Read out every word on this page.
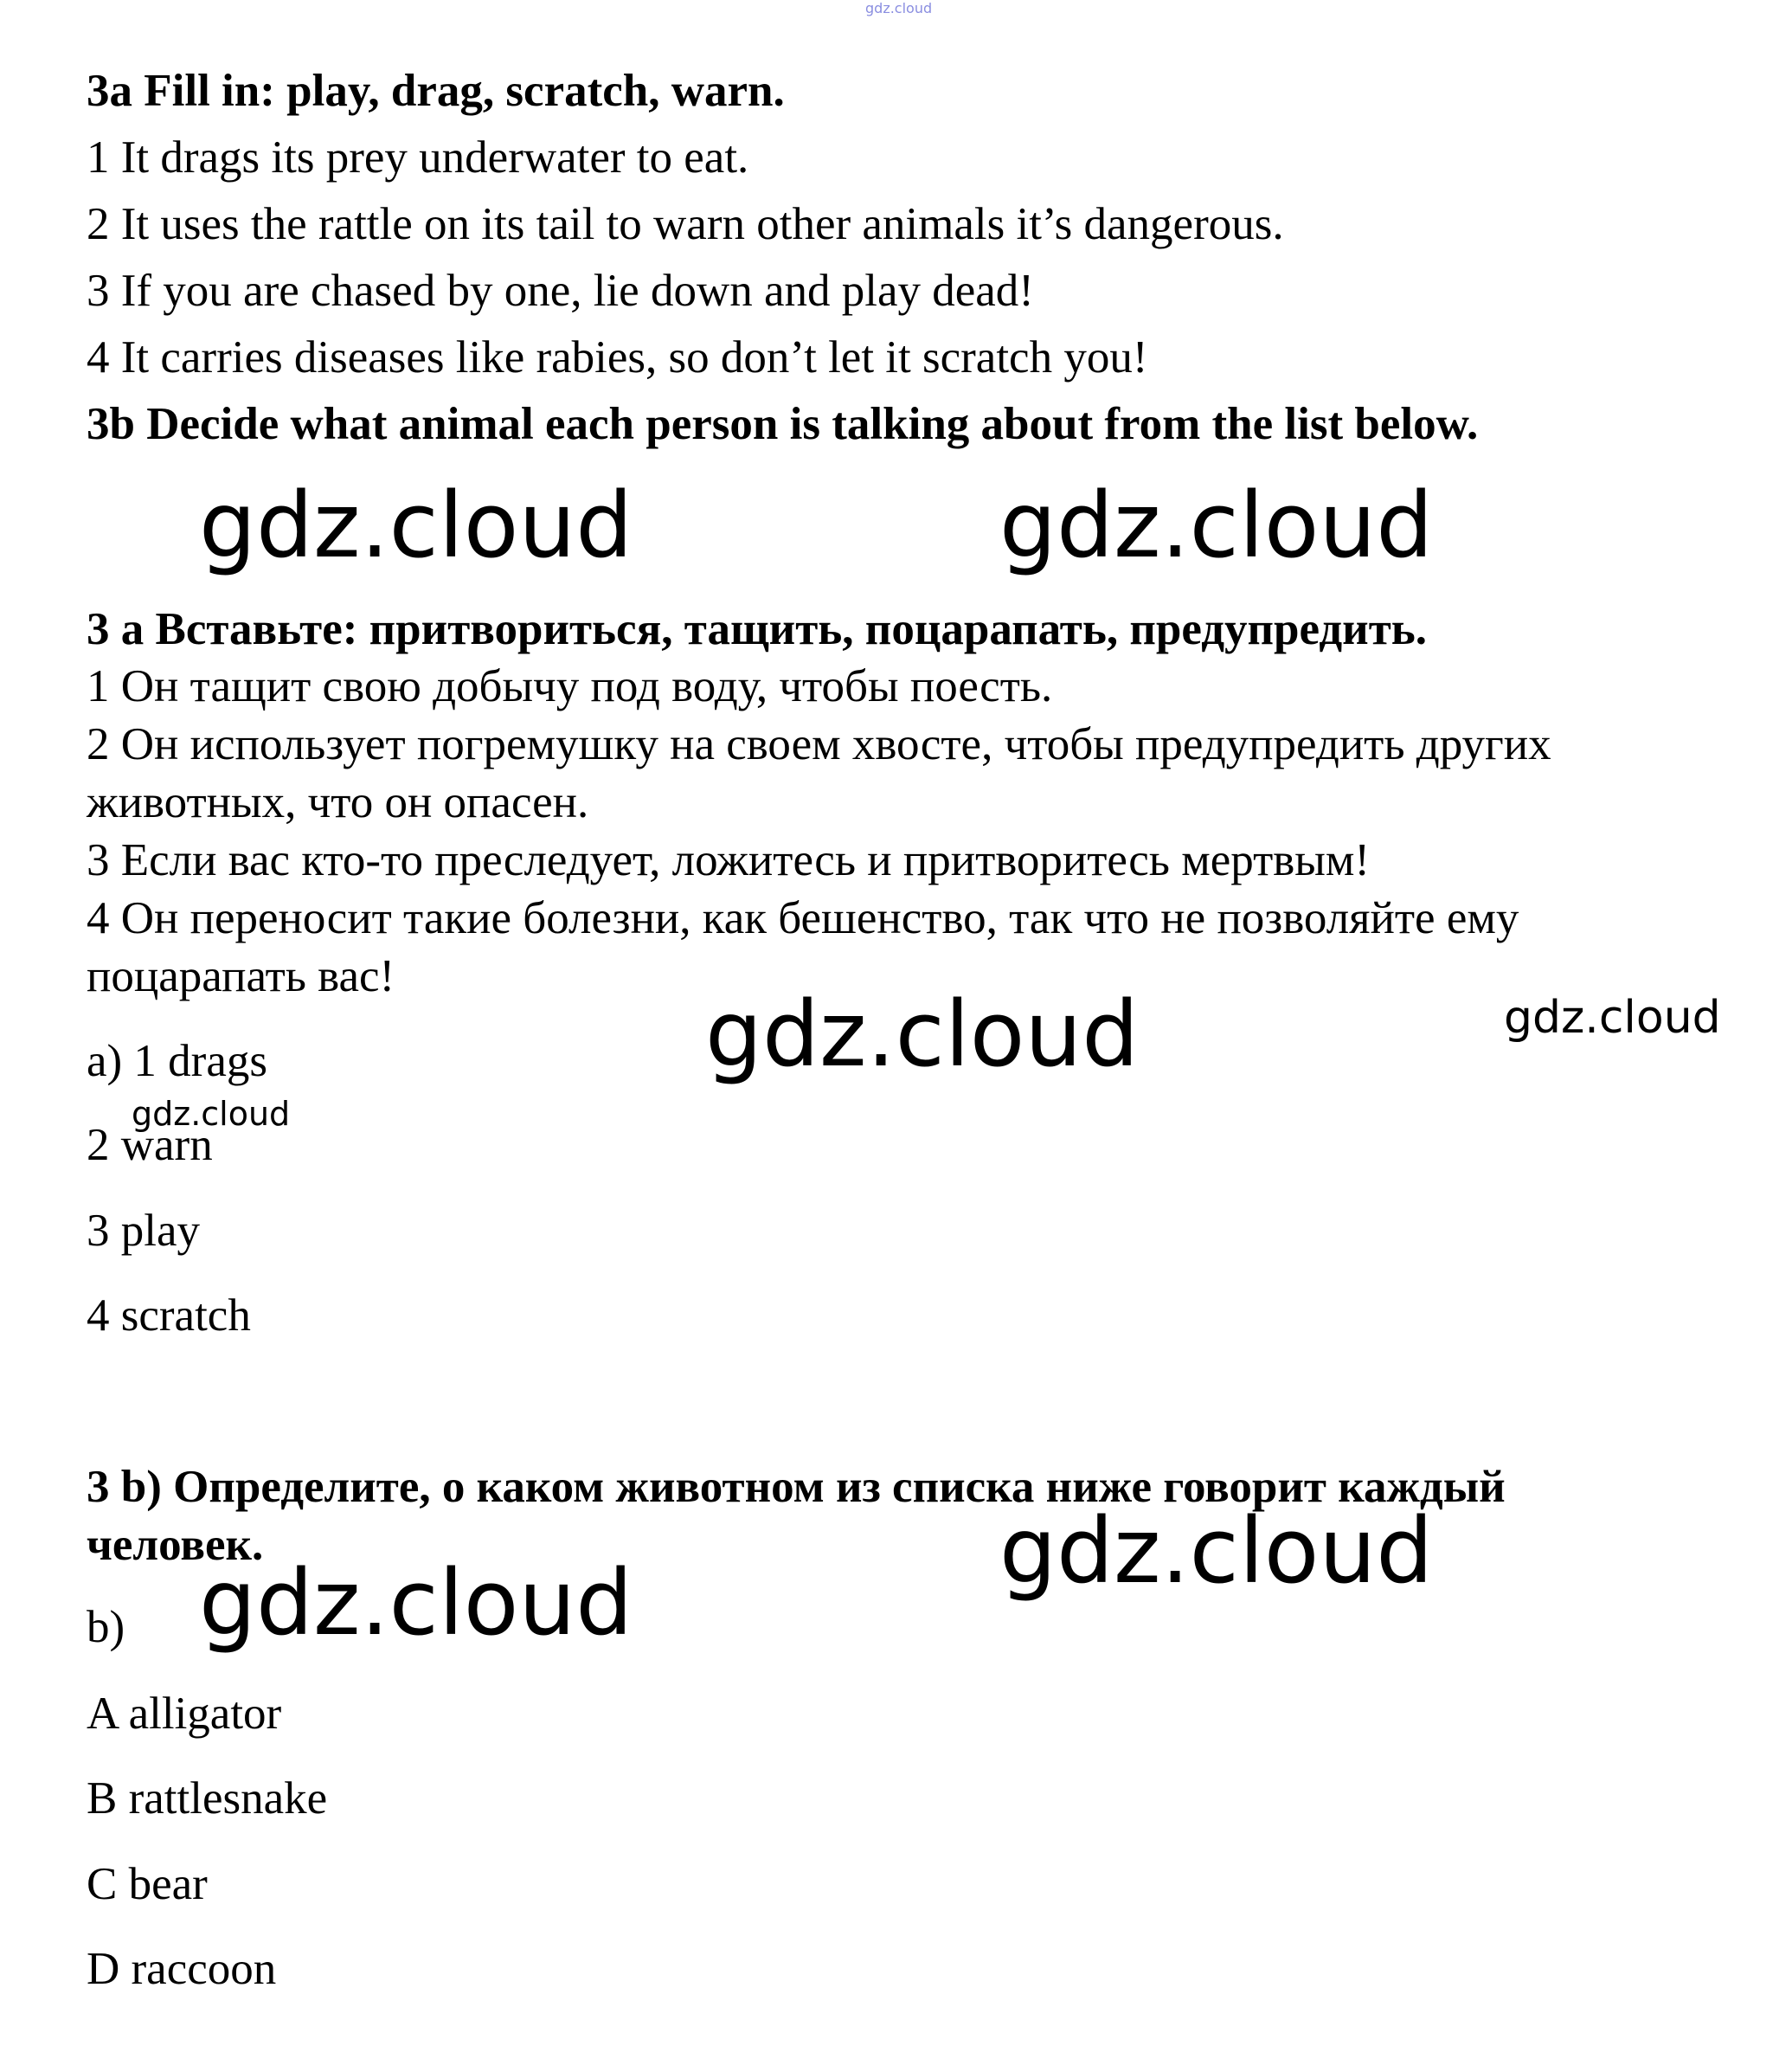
gdz.cloud
3a Fill in: play, drag, scratch, warn.
1 It drags its prey underwater to eat.
2 It uses the rattle on its tail to warn other animals it’s dangerous.
3 If you are chased by one, lie down and play dead!
4 It carries diseases like rabies, so don’t let it scratch you!
3b Decide what animal each person is talking about from the list below.
gdz.cloud	gdz.cloud
3 а Вставьте: притвориться, тащить, поцарапать, предупредить.
1 Он тащит свою добычу под воду, чтобы поесть.
2 Он использует погремушку на своем хвосте, чтобы предупредить других
животных, что он опасен.
3 Если вас кто-то преследует, ложитесь и притворитесь мертвым!
4 Он переносит такие болезни, как бешенство, так что не позволяйте ему
поцарапать вас!
gdz.cloud	gdz.cloud
а) 1 drags
gdz.cloud
2 warn
3 play
4 scratch
3 b) Определите, о каком животном из списка ниже говорит каждый
человек.	gdz.cloud
gdz.cloud
b)
A alligator
B rattlesnake
C bear
D raccoon
